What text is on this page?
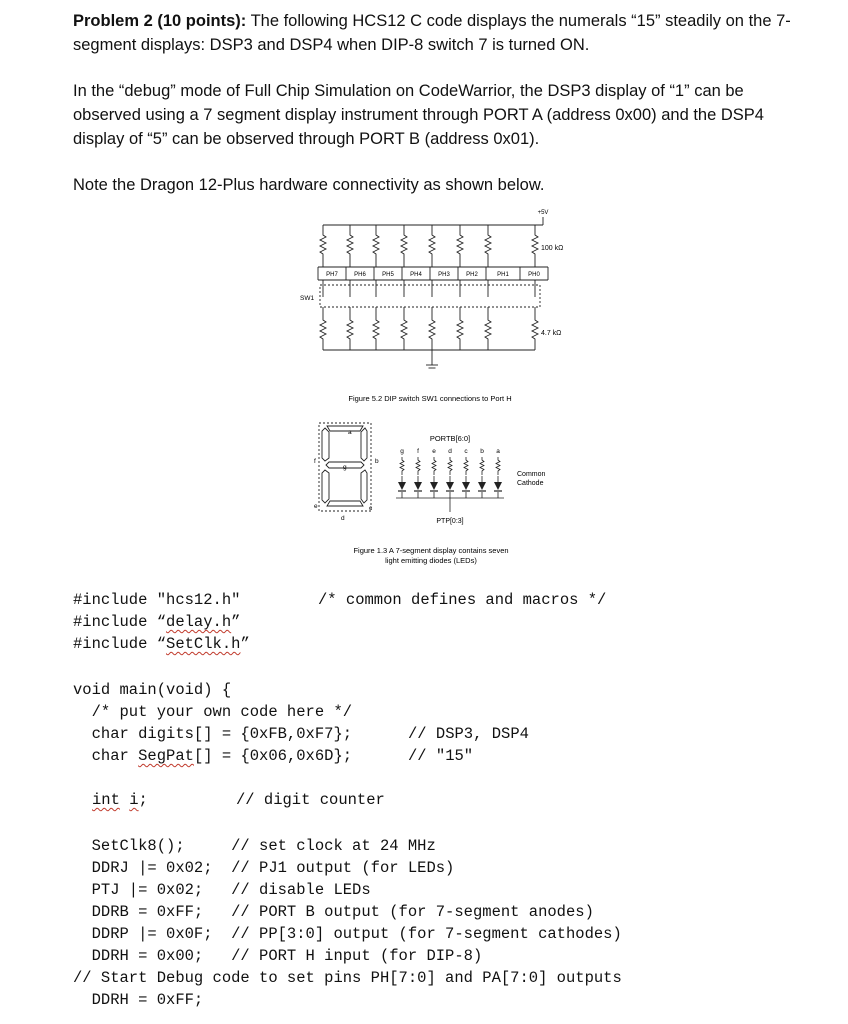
Problem 2 (10 points): The following HCS12 C code displays the numerals “15” steadily on the 7-segment displays: DSP3 and DSP4 when DIP-8 switch 7 is turned ON.
In the “debug” mode of Full Chip Simulation on CodeWarrior, the DSP3 display of “1” can be observed using a 7 segment display instrument through PORT A (address 0x00) and the DSP4 display of “5” can be observed through PORT B (address 0x01).
Note the Dragon 12-Plus hardware connectivity as shown below.
+5V
100 kΩ
4.7 kΩ
SW1
PH7	PH6	PH5	PH4	PH3	PH2	PH1	PH0
Figure 5.2 DIP switch SW1 connections to Port H
a
b
c
d
e
f
g
PORTB[6:0]
g f e d c b a
Common
Cathode
PTP[0:3]
Figure 1.3 A 7-segment display contains seven
light emitting diodes (LEDs)
#include "hcs12.h"	/* common defines and macros */
#include “delay.h”
#include “SetClk.h”
void main(void) {
/* put your own code here */
char digits[] = {0xFB,0xF7};	// DSP3, DSP4
char SegPat[] = {0x06,0x6D};	// "15"
int i;	// digit counter
SetClk8();     // set clock at 24 MHz
DDRJ |= 0x02;  // PJ1 output (for LEDs)
PTJ |= 0x02;   // disable LEDs
DDRB = 0xFF;   // PORT B output (for 7-segment anodes)
DDRP |= 0x0F;  // PP[3:0] output (for 7-segment cathodes)
DDRH = 0x00;   // PORT H input (for DIP-8)
// Start Debug code to set pins PH[7:0] and PA[7:0] outputs
DDRH = 0xFF;
